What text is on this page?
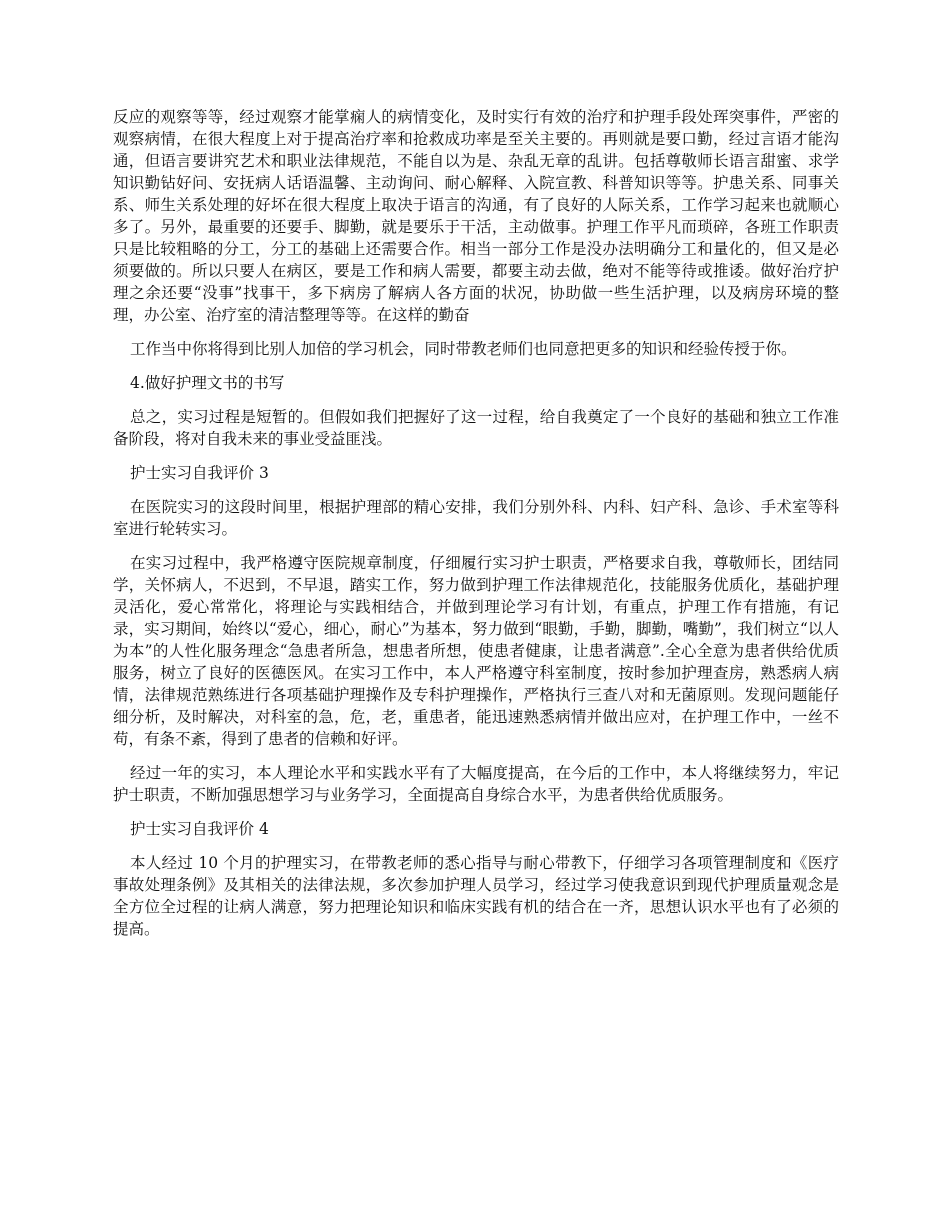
反应的观察等等，经过观察才能掌痫人的病情变化，及时实行有效的治疗和护理手段处珲突事件，严密的观察病情，在很大程度上对于提高治疗率和抢救成功率是至关主要的。再则就是要口勤，经过言语才能沟通，但语言要讲究艺术和职业法律规范，不能自以为是、杂乱无章的乱讲。包括尊敬师长语言甜蜜、求学知识勤钻好问、安抚病人话语温馨、主动询问、耐心解释、入院宣教、科普知识等等。护患关系、同事关系、师生关系处理的好坏在很大程度上取决于语言的沟通，有了良好的人际关系，工作学习起来也就顺心多了。另外，最重要的还要手、脚勤，就是要乐于干活，主动做事。护理工作平凡而琐碎，各班工作职责只是比较粗略的分工，分工的基础上还需要合作。相当一部分工作是没办法明确分工和量化的，但又是必须要做的。所以只要人在病区，要是工作和病人需要，都要主动去做，绝对不能等待或推诿。做好治疗护理之余还要“没事”找事干，多下病房了解病人各方面的状况，协助做一些生活护理，以及病房环境的整理，办公室、治疗室的清洁整理等等。在这样的勤奋

工作当中你将得到比别人加倍的学习机会，同时带教老师们也同意把更多的知识和经验传授于你。

4.做好护理文书的书写

总之，实习过程是短暂的。但假如我们把握好了这一过程，给自我奠定了一个良好的基础和独立工作准备阶段，将对自我未来的事业受益匪浅。

护士实习自我评价 3

在医院实习的这段时间里，根据护理部的精心安排，我们分别外科、内科、妇产科、急诊、手术室等科室进行轮转实习。

在实习过程中，我严格遵守医院规章制度，仔细履行实习护士职责，严格要求自我，尊敬师长，团结同学，关怀病人，不迟到，不早退，踏实工作，努力做到护理工作法律规范化，技能服务优质化，基础护理灵活化，爱心常常化，将理论与实践相结合，并做到理论学习有计划，有重点，护理工作有措施，有记录，实习期间，始终以“爱心，细心，耐心”为基本，努力做到“眼勤，手勤，脚勤，嘴勤”，我们树立“以人为本”的人性化服务理念“急患者所急，想患者所想，使患者健康，让患者满意”.全心全意为患者供给优质服务，树立了良好的医德医风。在实习工作中，本人严格遵守科室制度，按时参加护理查房，熟悉病人病情，法律规范熟练进行各项基础护理操作及专科护理操作，严格执行三查八对和无菌原则。发现问题能仔细分析，及时解决，对科室的急，危，老，重患者，能迅速熟悉病情并做出应对，在护理工作中，一丝不苟，有条不紊，得到了患者的信赖和好评。

经过一年的实习，本人理论水平和实践水平有了大幅度提高，在今后的工作中，本人将继续努力，牢记护士职责，不断加强思想学习与业务学习，全面提高自身综合水平，为患者供给优质服务。

护士实习自我评价 4

本人经过 10 个月的护理实习，在带教老师的悉心指导与耐心带教下，仔细学习各项管理制度和《医疗事故处理条例》及其相关的法律法规，多次参加护理人员学习，经过学习使我意识到现代护理质量观念是全方位全过程的让病人满意，努力把理论知识和临床实践有机的结合在一齐，思想认识水平也有了必须的提高。
